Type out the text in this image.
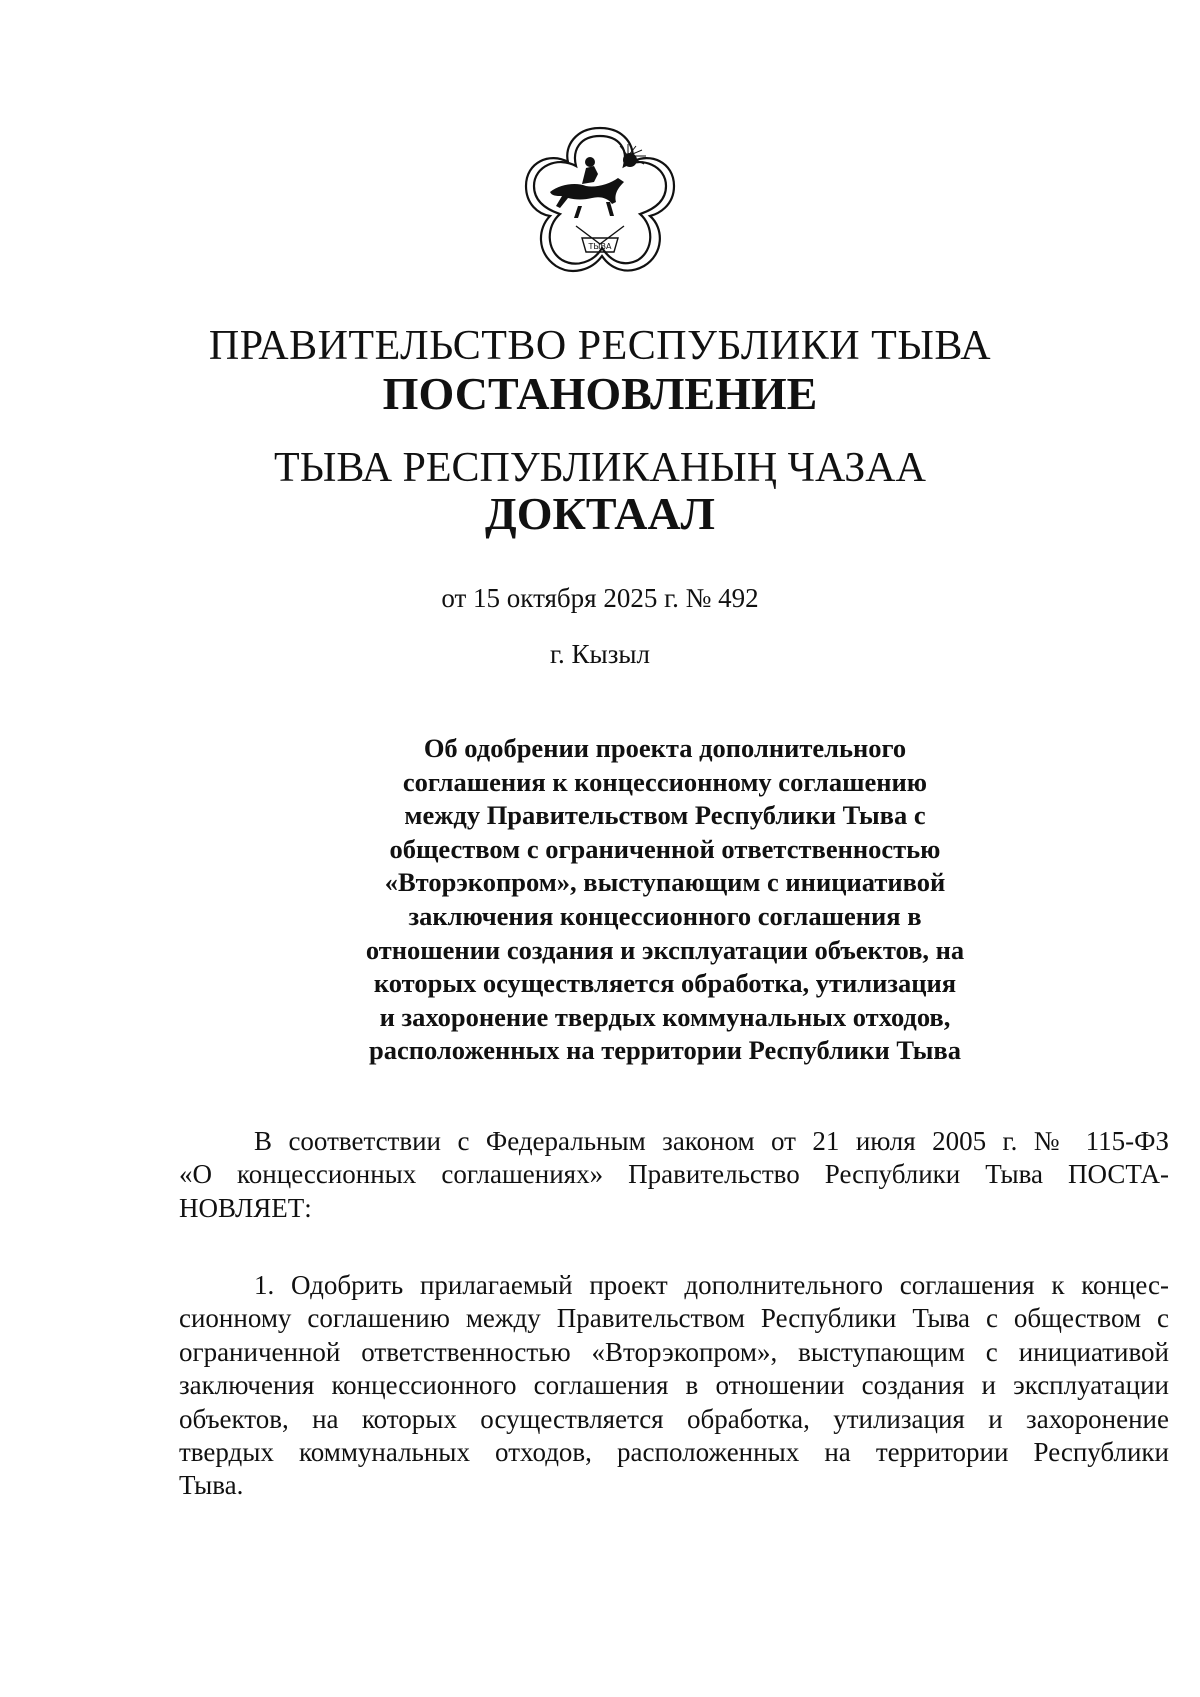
ТЫВА
ПРАВИТЕЛЬСТВО РЕСПУБЛИКИ ТЫВА
ПОСТАНОВЛЕНИЕ
ТЫВА РЕСПУБЛИКАНЫҢ ЧАЗАА
ДОКТААЛ
от 15 октября 2025 г. № 492
г. Кызыл
Об одобрении проекта дополнительного
соглашения к концессионному соглашению
между Правительством Республики Тыва с
обществом с ограниченной ответственностью
«Вторэкопром», выступающим с инициативой
заключения концессионного соглашения в
отношении создания и эксплуатации объектов, на
которых осуществляется обработка, утилизация
и захоронение твердых коммунальных отходов,
расположенных на территории Республики Тыва
В соответствии с Федеральным законом от 21 июля 2005 г. № 115-ФЗ
«О концессионных соглашениях» Правительство Республики Тыва ПОСТА-
НОВЛЯЕТ:
1. Одобрить прилагаемый проект дополнительного соглашения к концес-
сионному соглашению между Правительством Республики Тыва с обществом с
ограниченной ответственностью «Вторэкопром», выступающим с инициативой
заключения концессионного соглашения в отношении создания и эксплуатации
объектов, на которых осуществляется обработка, утилизация и захоронение
твердых коммунальных отходов, расположенных на территории Республики
Тыва.
